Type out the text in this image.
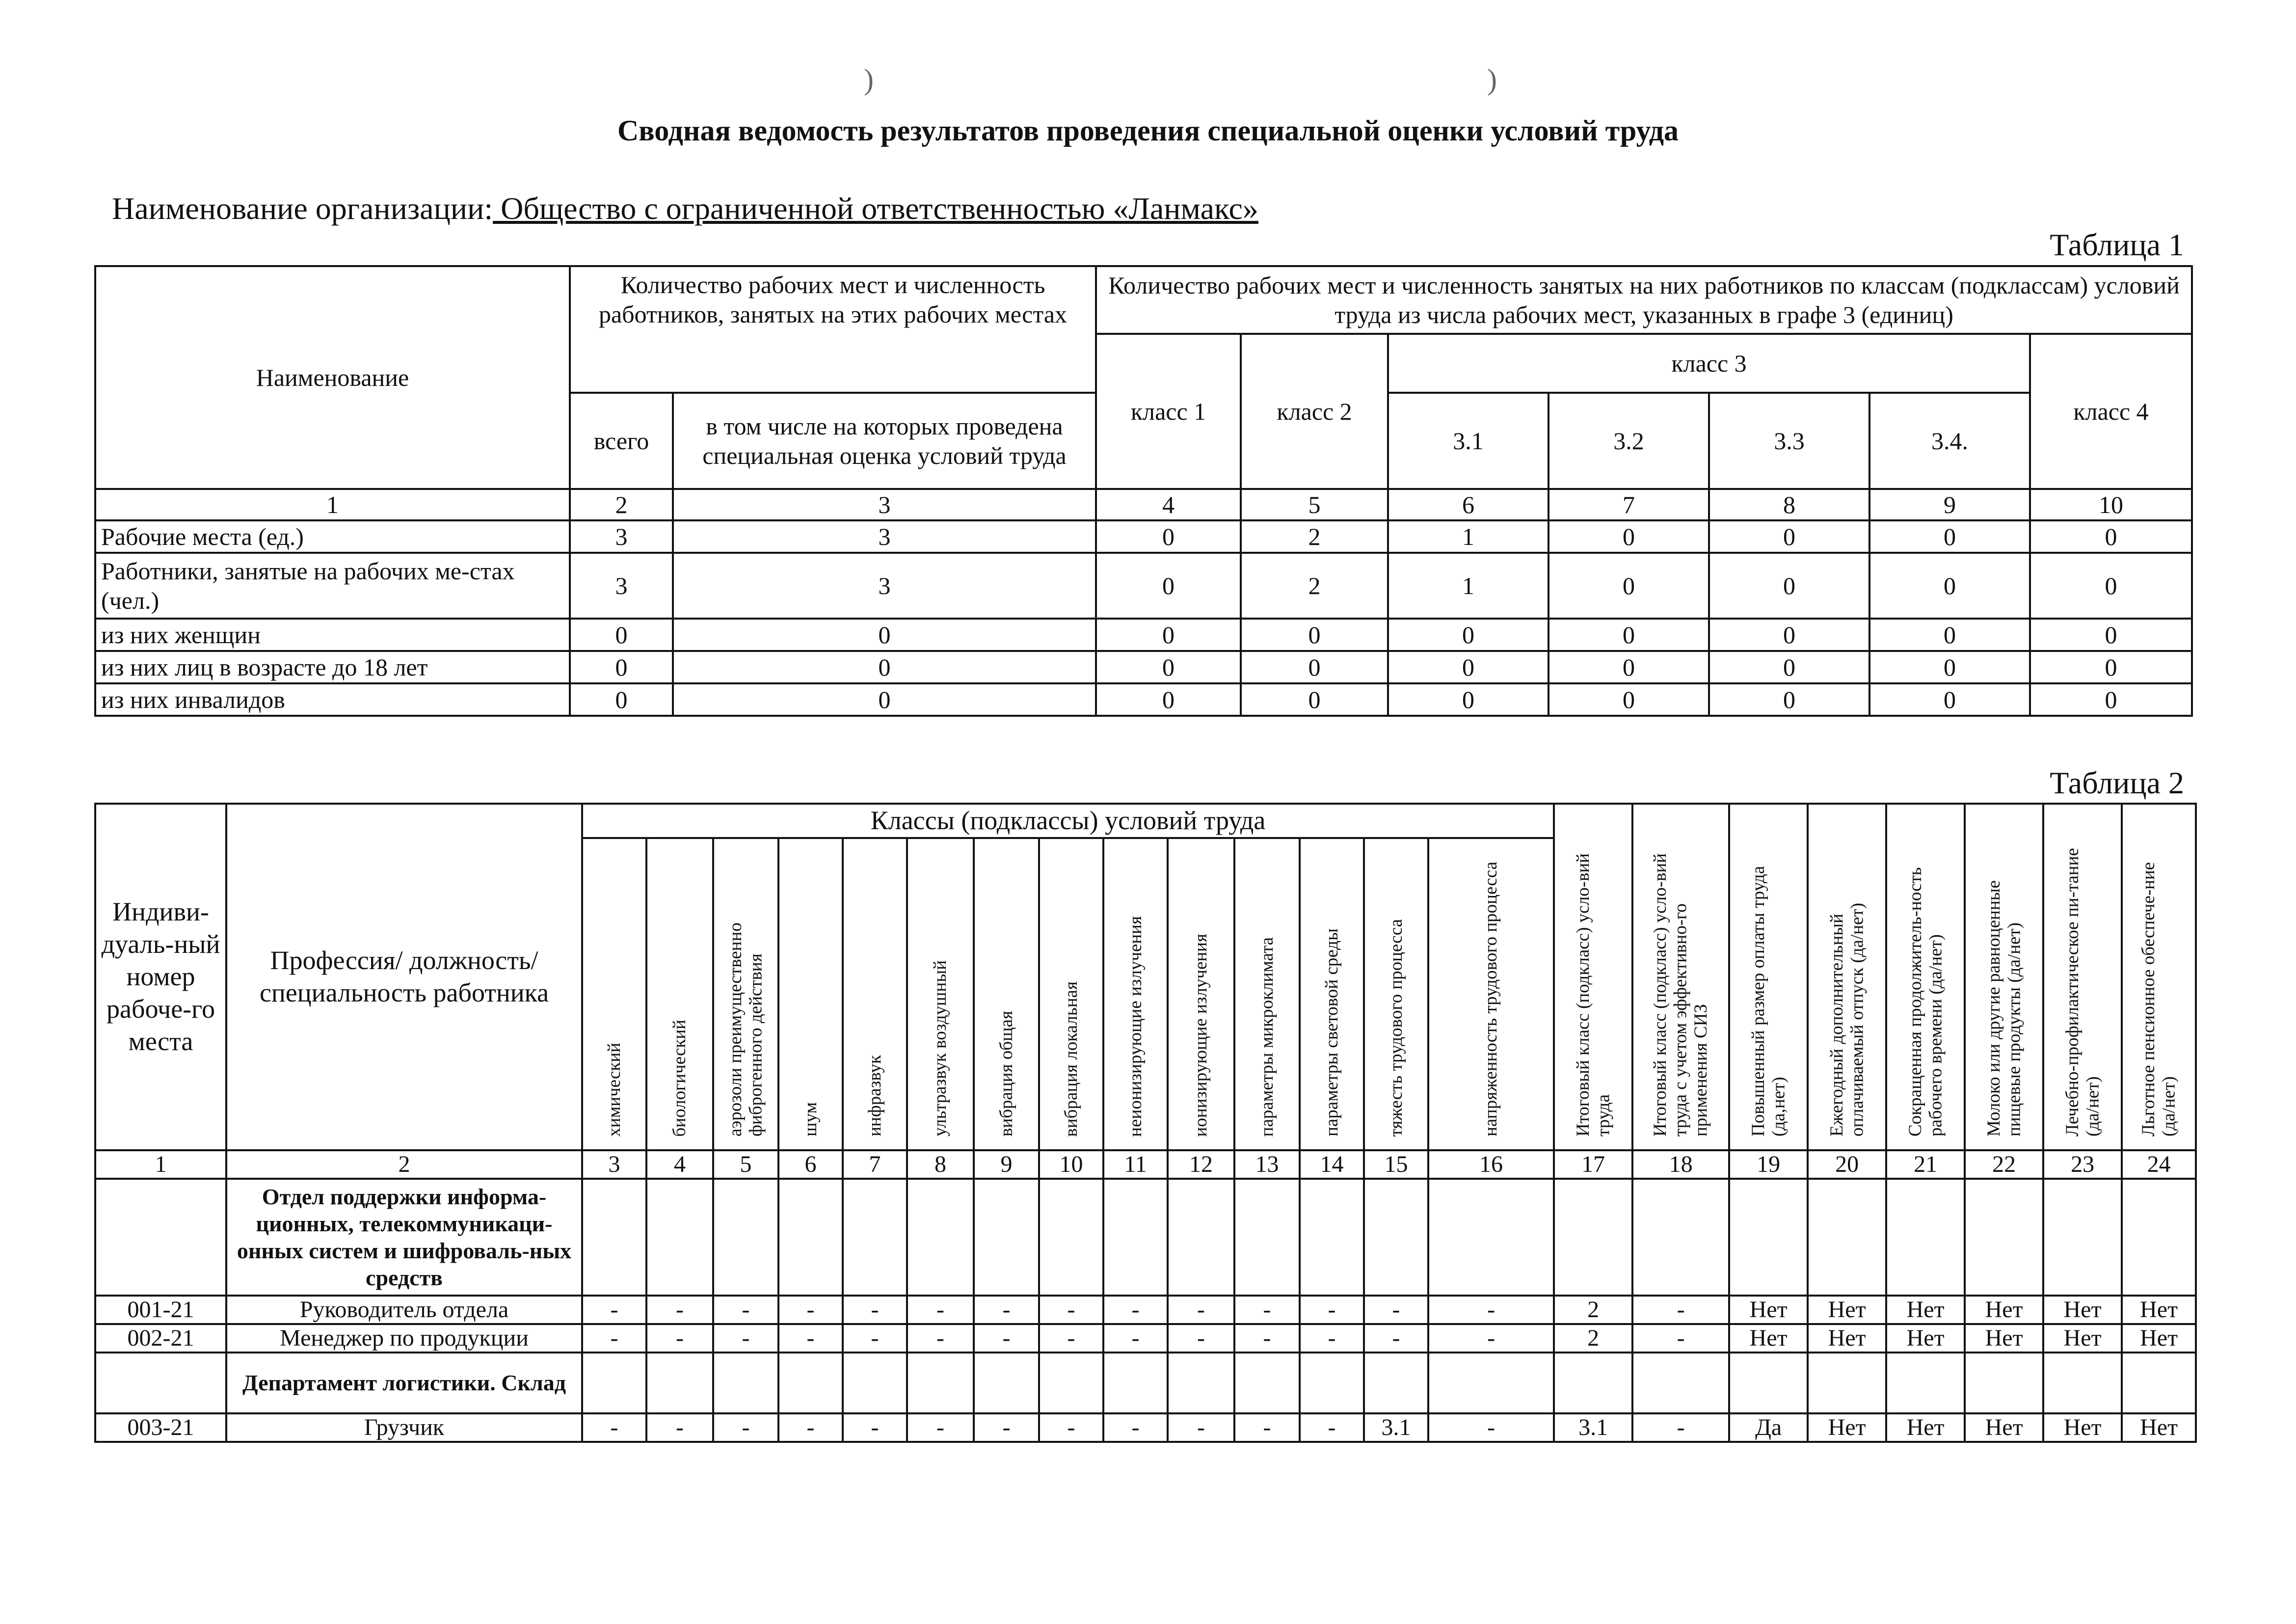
)	)
Сводная ведомость результатов проведения специальной оценки условий труда
Наименование организации: Общество с ограниченной ответственностью «Ланмакс»
Таблица 1
Наименование	Количество рабочих мест и численность работников, занятых на этих рабочих местах		Количество рабочих мест и численность занятых на них работников по классам (подклассам) условий труда из числа рабочих мест, указанных в графе 3 (единиц)						
			класс 1	класс 2	класс 3				класс 4
	всего	в том числе на которых проведена специальная оценка условий труда			3.1	3.2	3.3	3.4.	
1	2	3	4	5	6	7	8	9	10
Рабочие места (ед.)	3	3	0	2	1	0	0	0	0
Работники, занятые на рабочих ме-стах (чел.)	3	3	0	2	1	0	0	0	0
из них женщин	0	0	0	0	0	0	0	0	0
из них лиц в возрасте до 18 лет	0	0	0	0	0	0	0	0	0
из них инвалидов	0	0	0	0	0	0	0	0	0
Таблица 2
Индиви-дуаль-ный номер рабоче-го места	Профессия/ должность/ специальность работника	Классы (подклассы) условий труда														Итоговый класс (подкласс) усло-вий труда	Итоговый класс (подкласс) усло-вий труда с учетом эффективно-го применения СИЗ	Повышенный размер оплаты труда (да,нет)	Ежегодный дополнительный оплачиваемый отпуск (да/нет)	Сокращенная продолжитель-ность рабочего времени (да/нет)	Молоко или другие равноценные пищевые продукты (да/нет)	Лечебно-профилактическое пи-тание (да/нет)	Льготное пенсионное обеспече-ние (да/нет)
		химический	биологический	аэрозоли преимущественно фиброгенного действия	шум	инфразвук	ультразвук воздушный	вибрация общая	вибрация локальная	неионизирующие излучения	ионизирующие излучения	параметры микроклимата	параметры световой среды	тяжесть трудового процесса	напряженность трудового процесса								
1	2	3	4	5	6	7	8	9	10	11	12	13	14	15	16	17	18	19	20	21	22	23	24
	Отдел поддержки информа-ционных, телекоммуникаци-онных систем и шифроваль-ных средств																						
001-21	Руководитель отдела	-	-	-	-	-	-	-	-	-	-	-	-	-	-	2	-	Нет	Нет	Нет	Нет	Нет	Нет
002-21	Менеджер по продукции	-	-	-	-	-	-	-	-	-	-	-	-	-	-	2	-	Нет	Нет	Нет	Нет	Нет	Нет
	Департамент логистики. Склад																						
003-21	Грузчик	-	-	-	-	-	-	-	-	-	-	-	-	3.1	-	3.1	-	Да	Нет	Нет	Нет	Нет	Нет
